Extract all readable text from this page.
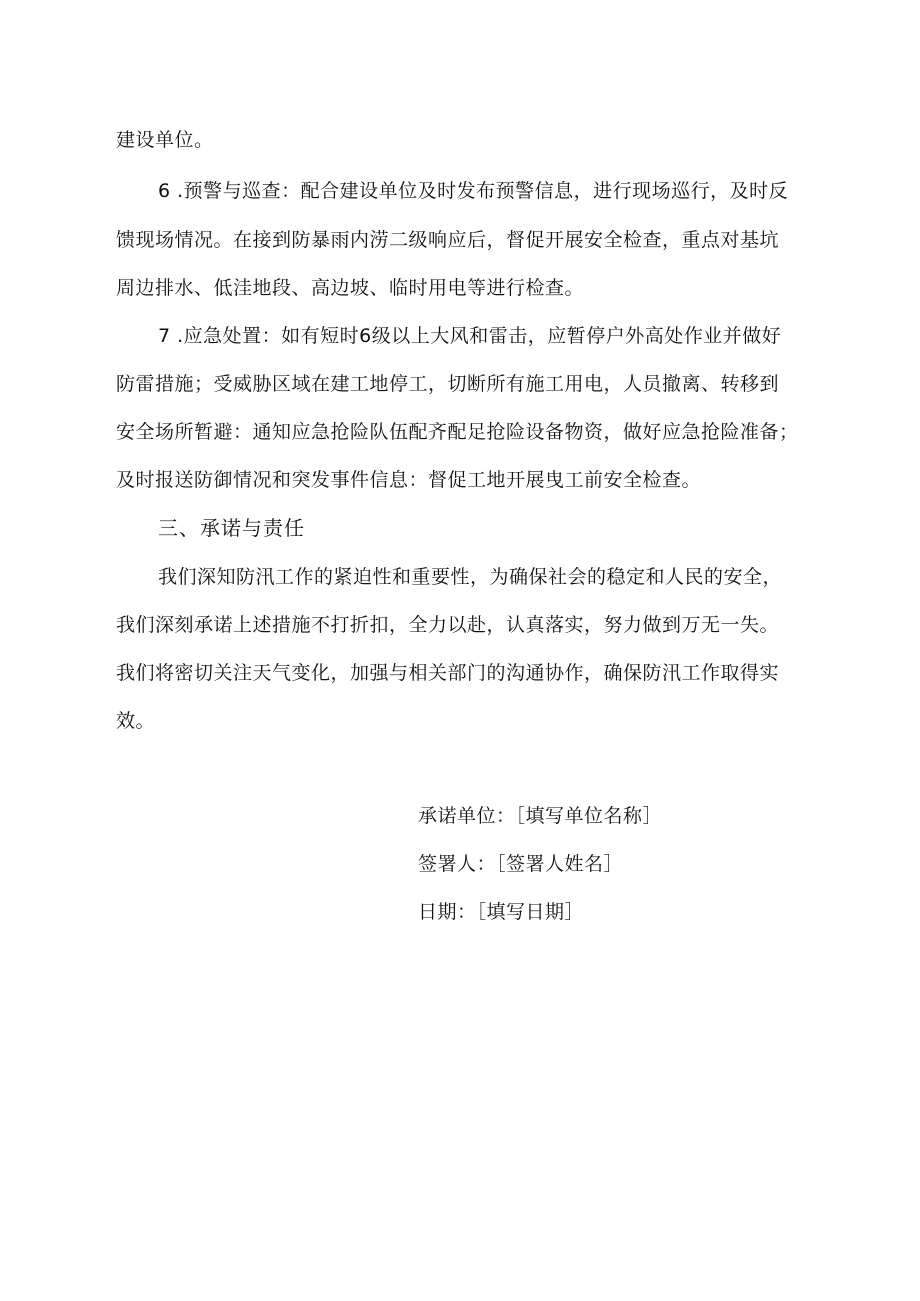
建设单位。
6 .预警与巡查：配合建设单位及时发布预警信息，进行现场巡行，及时反
馈现场情况。在接到防暴雨内涝二级响应后，督促开展安全检查，重点对基坑
周边排水、低洼地段、高边坡、临时用电等进行检查。
7 .应急处置：如有短时6级以上大风和雷击，应暂停户外高处作业并做好
防雷措施；受威胁区域在建工地停工，切断所有施工用电，人员撤离、转移到
安全场所暂避：通知应急抢险队伍配齐配足抢险设备物资，做好应急抢险准备；
及时报送防御情况和突发事件信息：督促工地开展曳工前安全检查。
三、承诺与责任
我们深知防汛工作的紧迫性和重要性，为确保社会的稳定和人民的安全，
我们深刻承诺上述措施不打折扣，全力以赴，认真落实，努力做到万无一失。
我们将密切关注天气变化，加强与相关部门的沟通协作，确保防汛工作取得实
效。
承诺单位：［填写单位名称］
签署人：［签署人姓名］
日期：［填写日期］
